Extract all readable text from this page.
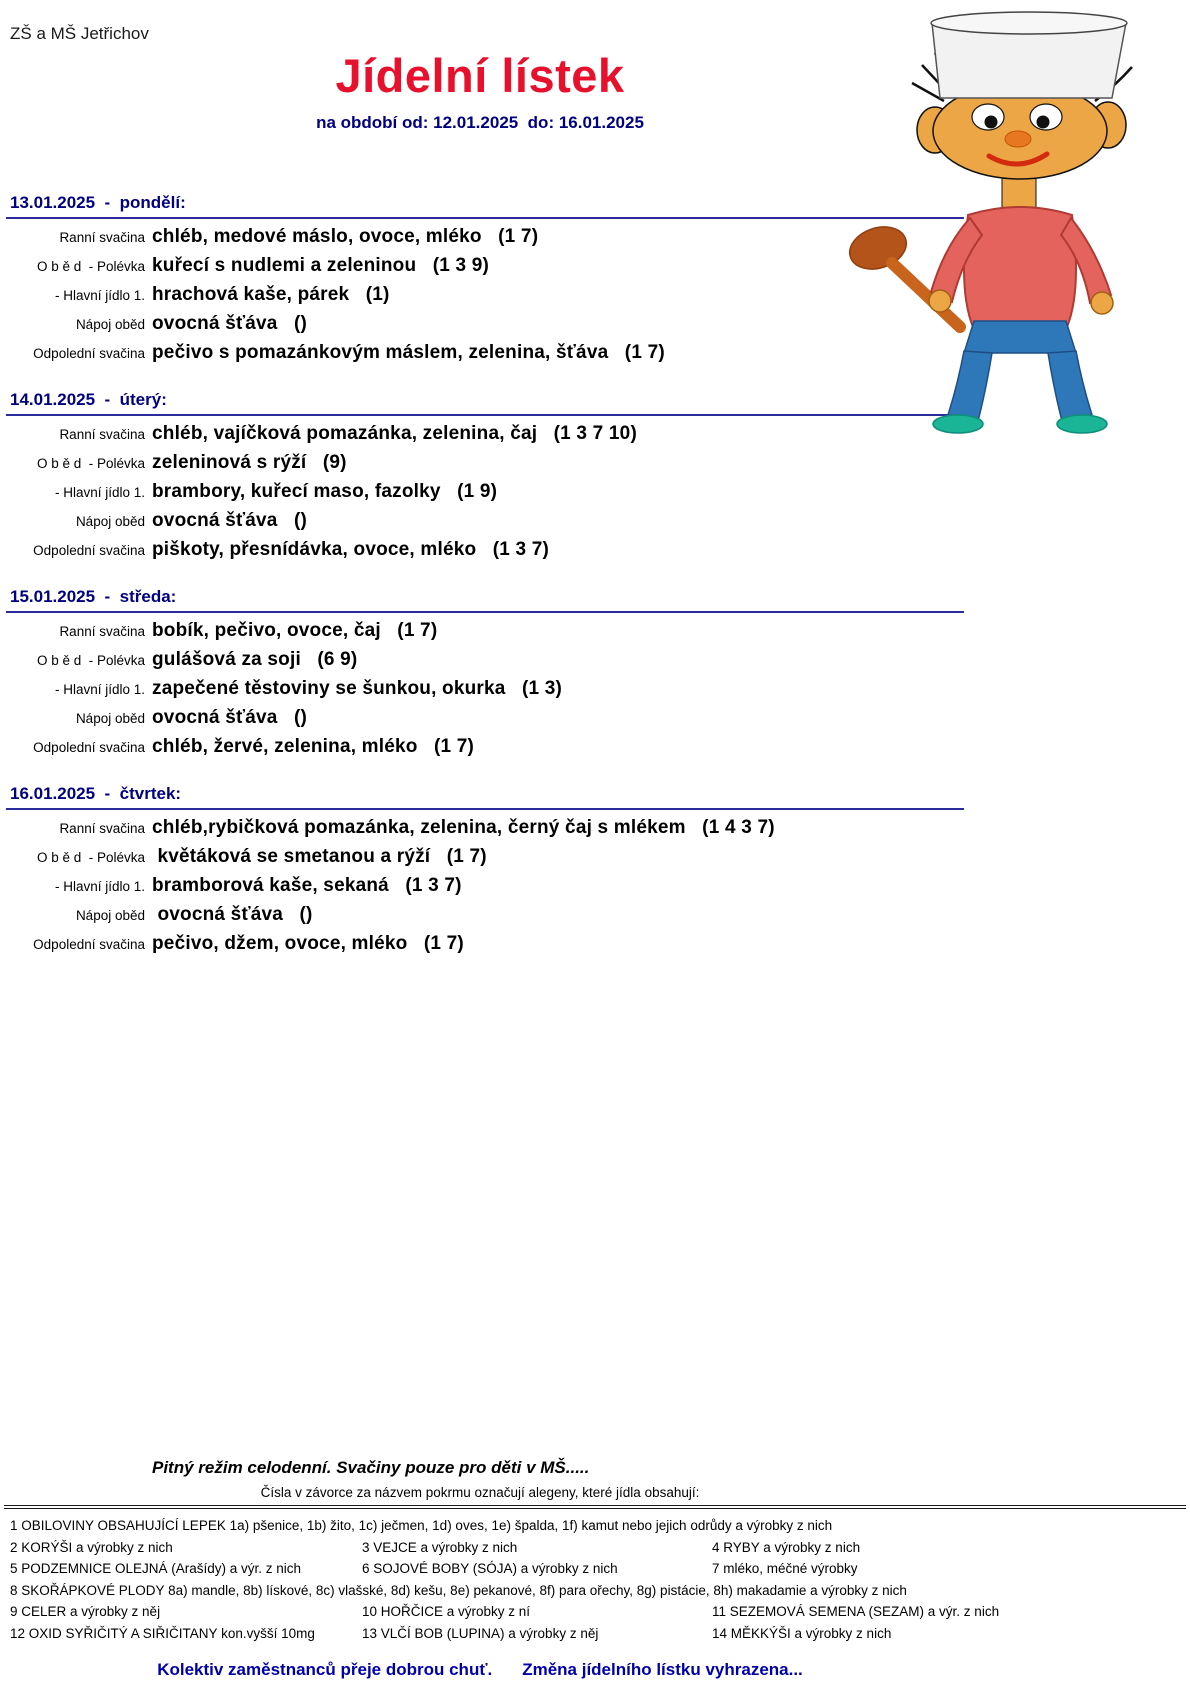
ZŠ a MŠ Jetřichov
Jídelní lístek
na období od: 12.01.2025  do: 16.01.2025
13.01.2025  -  pondělí:
Ranní svačina chléb, medové máslo, ovoce, mléko   (1 7)
O b ě d  - Polévka kuřecí s nudlemi a zeleninou   (1 3 9)
- Hlavní jídlo 1. hrachová kaše, párek   (1)
Nápoj oběd ovocná šťáva   ()
Odpolední svačina pečivo s pomazánkovým máslem, zelenina, šťáva   (1 7)
14.01.2025  -  úterý:
Ranní svačina chléb, vajíčková pomazánka, zelenina, čaj   (1 3 7 10)
O b ě d  - Polévka zeleninová s rýží   (9)
- Hlavní jídlo 1. brambory, kuřecí maso, fazolky   (1 9)
Nápoj oběd ovocná šťáva   ()
Odpolední svačina piškoty, přesnídávka, ovoce, mléko   (1 3 7)
15.01.2025  -  středa:
Ranní svačina bobík, pečivo, ovoce, čaj   (1 7)
O b ě d  - Polévka gulášová za soji   (6 9)
- Hlavní jídlo 1. zapečené těstoviny se šunkou, okurka   (1 3)
Nápoj oběd ovocná šťáva   ()
Odpolední svačina chléb, žervé, zelenina, mléko   (1 7)
16.01.2025  -  čtvrtek:
Ranní svačina chléb,rybičková pomazánka, zelenina, černý čaj s mlékem   (1 4 3 7)
O b ě d  - Polévka květáková se smetanou a rýží   (1 7)
- Hlavní jídlo 1. bramborová kaše, sekaná   (1 3 7)
Nápoj oběd ovocná šťáva   ()
Odpolední svačina pečivo, džem, ovoce, mléko   (1 7)
Pitný režim celodenní. Svačiny pouze pro děti v MŠ.....
Čísla v závorce za názvem pokrmu označují alegeny, které jídla obsahují:
1 OBILOVINY OBSAHUJÍCÍ LEPEK 1a) pšenice, 1b) žito, 1c) ječmen, 1d) oves, 1e) špalda, 1f) kamut nebo jejich odrůdy a výrobky z nich
2 KORÝŠI a výrobky z nich	3 VEJCE a výrobky z nich	4 RYBY a výrobky z nich
5 PODZEMNICE OLEJNÁ (Arašídy) a výr. z nich	6 SOJOVÉ BOBY (SÓJA) a výrobky z nich	7 mléko, méčné výrobky
8 SKOŘÁPKOVÉ PLODY 8a) mandle, 8b) lískové, 8c) vlašské, 8d) kešu, 8e) pekanové, 8f) para ořechy, 8g) pistácie, 8h) makadamie a výrobky z nich
9 CELER a výrobky z něj	10 HOŘČICE a výrobky z ní	11 SEZEMOVÁ SEMENA (SEZAM) a výr. z nich
12 OXID SYŘIČITÝ A SIŘIČITANY kon.vyšší 10mg	13 VLČÍ BOB (LUPINA) a výrobky z něj	14 MĚKKÝŠI a výrobky z nich
Kolektiv zaměstnanců přeje dobrou chuť. Změna jídelního lístku vyhrazena...
